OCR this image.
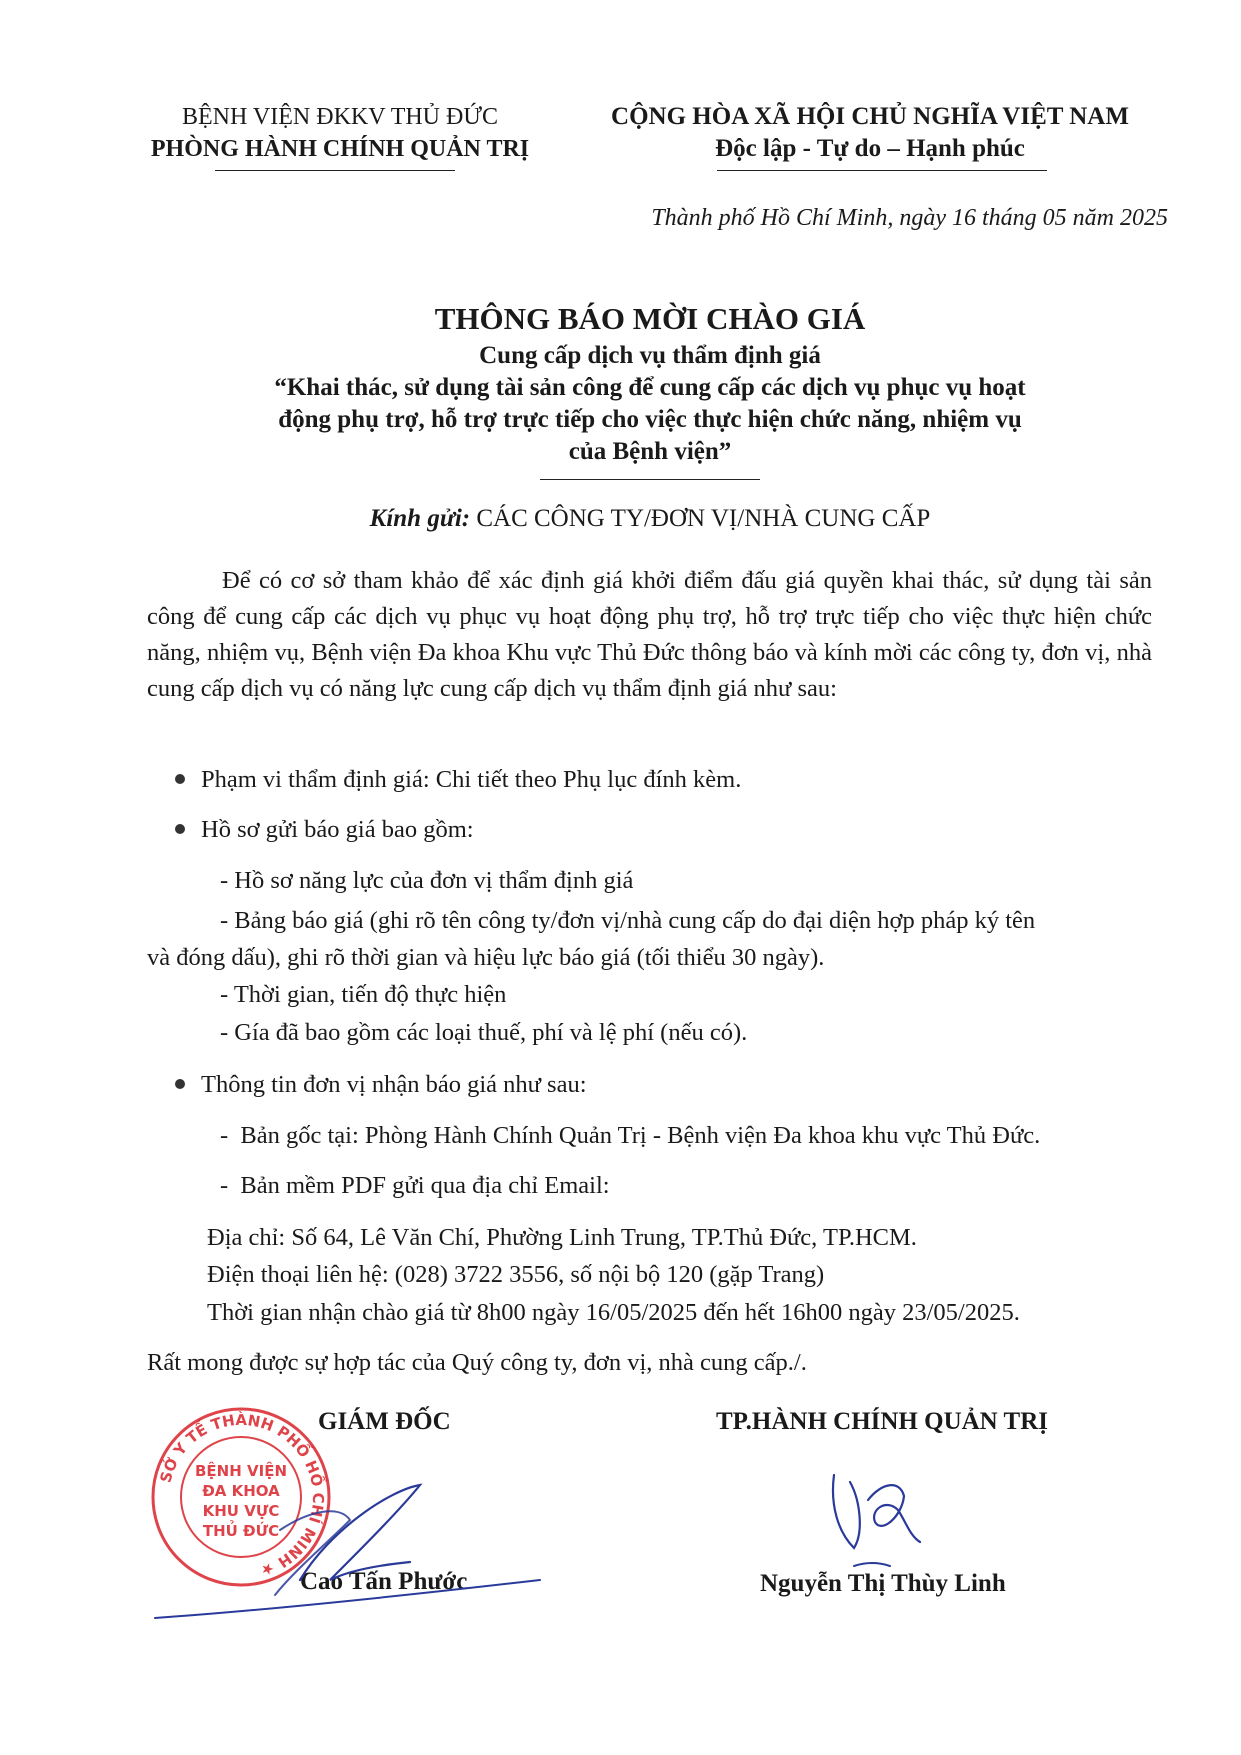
BỆNH VIỆN ĐKKV THỦ ĐỨC
PHÒNG HÀNH CHÍNH QUẢN TRỊ
CỘNG HÒA XÃ HỘI CHỦ NGHĨA VIỆT NAM
Độc lập - Tự do – Hạnh phúc
Thành phố Hồ Chí Minh, ngày 16 tháng 05 năm 2025
THÔNG BÁO MỜI CHÀO GIÁ
Cung cấp dịch vụ thẩm định giá
“Khai thác, sử dụng tài sản công để cung cấp các dịch vụ phục vụ hoạt
động phụ trợ, hỗ trợ trực tiếp cho việc thực hiện chức năng, nhiệm vụ
của Bệnh viện”
Kính gửi: CÁC CÔNG TY/ĐƠN VỊ/NHÀ CUNG CẤP
Để có cơ sở tham khảo để xác định giá khởi điểm đấu giá quyền khai thác, sử dụng tài sản công để cung cấp các dịch vụ phục vụ hoạt động phụ trợ, hỗ trợ trực tiếp cho việc thực hiện chức năng, nhiệm vụ, Bệnh viện Đa khoa Khu vực Thủ Đức thông báo và kính mời các công ty, đơn vị, nhà cung cấp dịch vụ có năng lực cung cấp dịch vụ thẩm định giá như sau:
Phạm vi thẩm định giá: Chi tiết theo Phụ lục đính kèm.
Hồ sơ gửi báo giá bao gồm:
- Hồ sơ năng lực của đơn vị thẩm định giá
- Bảng báo giá (ghi rõ tên công ty/đơn vị/nhà cung cấp do đại diện hợp pháp ký tên
và đóng dấu), ghi rõ thời gian và hiệu lực báo giá (tối thiểu 30 ngày).
- Thời gian, tiến độ thực hiện
- Gía đã bao gồm các loại thuế, phí và lệ phí (nếu có).
Thông tin đơn vị nhận báo giá như sau:
-  Bản gốc tại: Phòng Hành Chính Quản Trị - Bệnh viện Đa khoa khu vực Thủ Đức.
-  Bản mềm PDF gửi qua địa chỉ Email:
Địa chỉ: Số 64, Lê Văn Chí, Phường Linh Trung, TP.Thủ Đức, TP.HCM.
Điện thoại liên hệ: (028) 3722 3556, số nội bộ 120 (gặp Trang)
Thời gian nhận chào giá từ 8h00 ngày 16/05/2025 đến hết 16h00 ngày 23/05/2025.
Rất mong được sự hợp tác của Quý công ty, đơn vị, nhà cung cấp./.
GIÁM ĐỐC
Cao Tấn Phước
TP.HÀNH CHÍNH QUẢN TRỊ
Nguyễn Thị Thùy Linh
SỞ Y TẾ THÀNH PHỐ HỒ CHÍ MINH ★
BỆNH VIỆN
ĐA KHOA
KHU VỰC
THỦ ĐỨC
